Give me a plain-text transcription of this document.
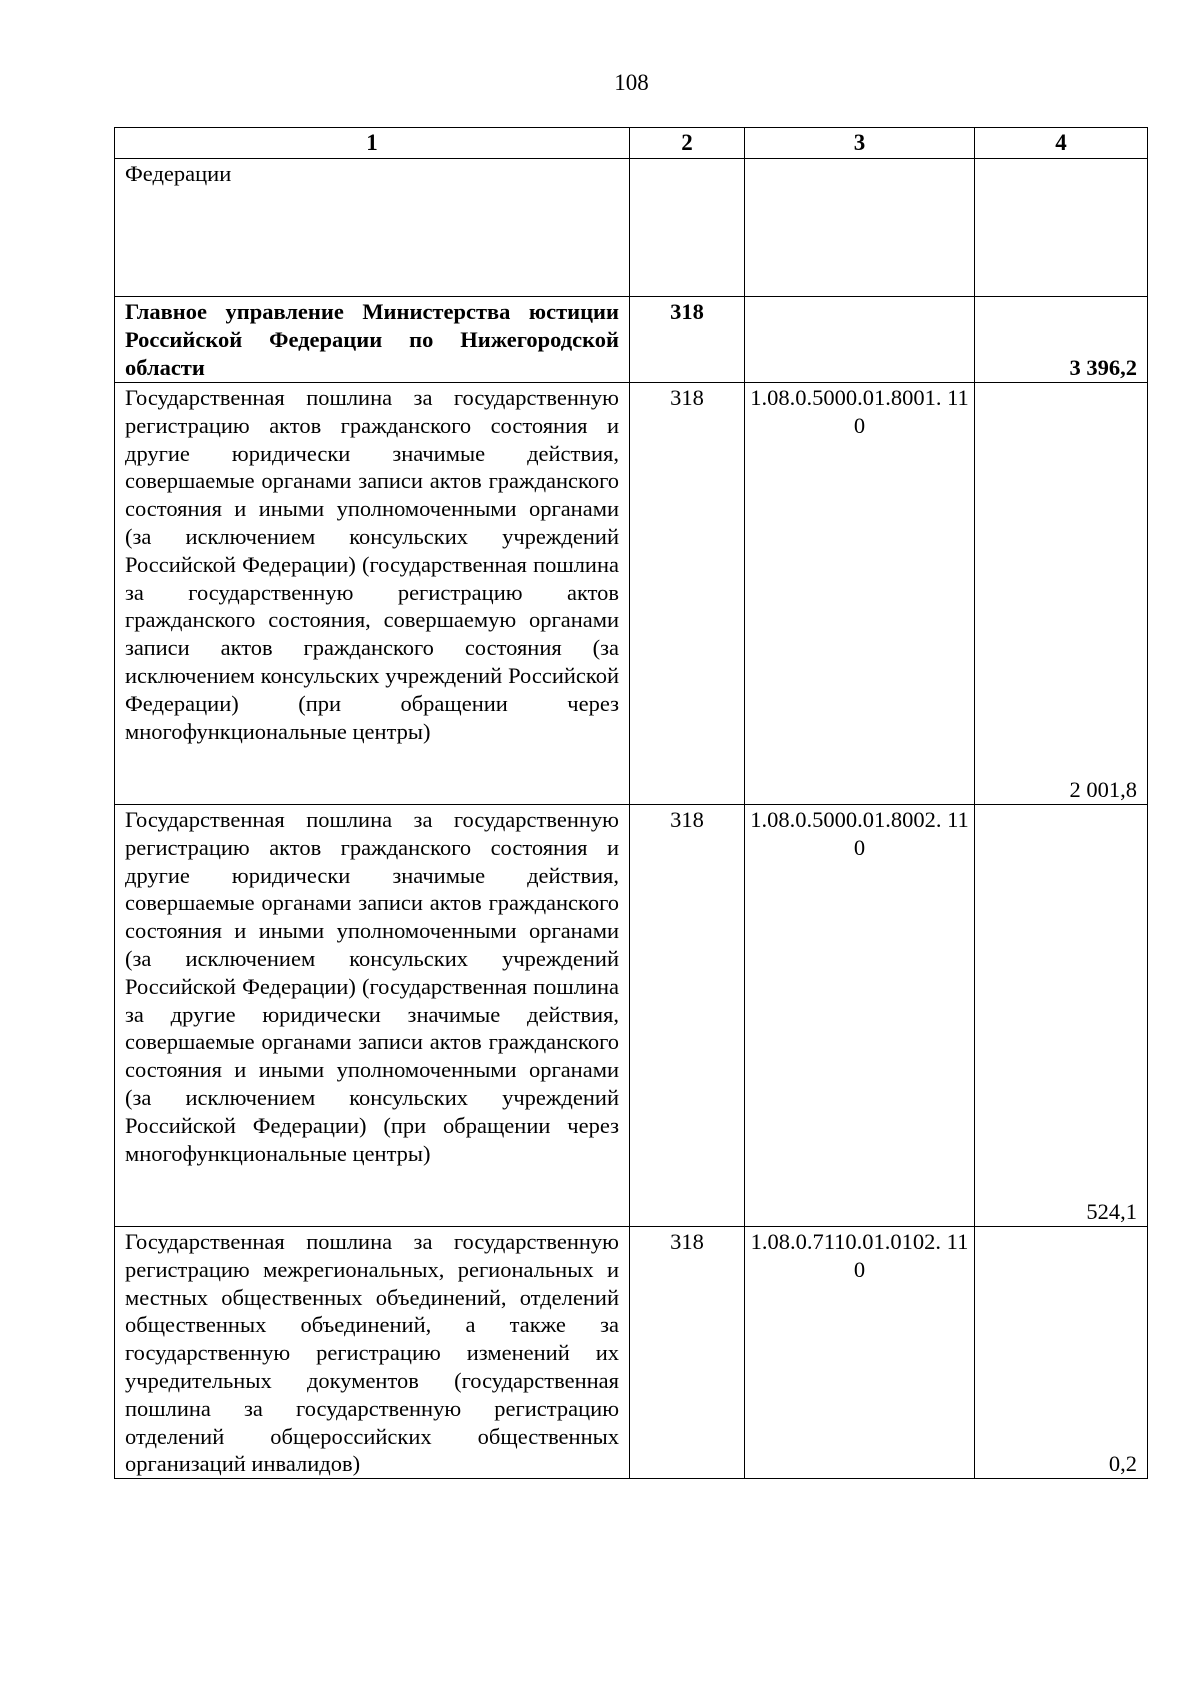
108
1	2	3	4
Федерации			
Главное управление Министерства юстиции Российской Федерации по Нижегородской области	318		3 396,2
Государственная пошлина за государственную регистрацию актов гражданского состояния и другие юридически значимые действия, совершаемые органами записи актов гражданского состояния и иными уполномоченными органами (за исключением консульских учреждений Российской Федерации) (государственная пошлина за государственную регистрацию актов гражданского состояния, совершаемую органами записи актов гражданского состояния (за исключением консульских учреждений Российской Федерации) (при обращении через многофункциональные центры)	318	1.08.0.5000.01.8001. 110	2 001,8
Государственная пошлина за государственную регистрацию актов гражданского состояния и другие юридически значимые действия, совершаемые органами записи актов гражданского состояния и иными уполномоченными органами (за исключением консульских учреждений Российской Федерации) (государственная пошлина за другие юридически значимые действия, совершаемые органами записи актов гражданского состояния и иными уполномоченными органами (за исключением консульских учреждений Российской Федерации) (при обращении через многофункциональные центры)	318	1.08.0.5000.01.8002. 110	524,1
Государственная пошлина за государственную регистрацию межрегиональных, региональных и местных общественных объединений, отделений общественных объединений, а также за государственную регистрацию изменений их учредительных документов (государственная пошлина за государственную регистрацию отделений общероссийских общественных организаций инвалидов)	318	1.08.0.7110.01.0102. 110	0,2
